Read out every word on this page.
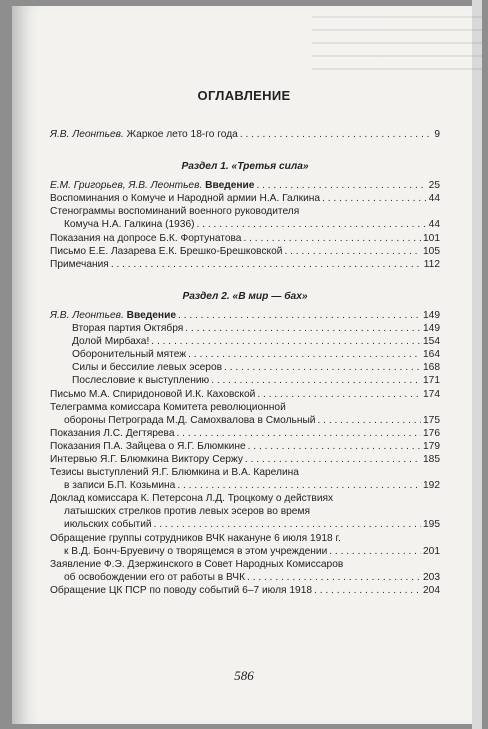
ОГЛАВЛЕНИЕ
Я.В. Леонтьев. Жаркое лето 18-го года . . .	9
Раздел 1. «Третья сила»
Е.М. Григорьев, Я.В. Леонтьев. Введение . . .	25
Воспоминания о Комуче и Народной армии Н.А. Галкина . . .	44
Стенограммы воспоминаний военного руководителя
Комуча Н.А. Галкина (1936) . . .	44
Показания на допросе Б.К. Фортунатова . . .	101
Письмо Е.Е. Лазарева Е.К. Брешко-Брешковской . . .	105
Примечания . . .	112
Раздел 2. «В мир — бах»
Я.В. Леонтьев. Введение . . .	149
Вторая партия Октября . . .	149
Долой Мирбаха! . . .	154
Оборонительный мятеж . . .	164
Силы и бессилие левых эсеров . . .	168
Послесловие к выступлению . . .	171
Письмо М.А. Спиридоновой И.К. Каховской . . .	174
Телеграмма комиссара Комитета революционной
обороны Петрограда М.Д. Самохвалова в Смольный . . .	175
Показания Л.С. Дегтярева . . .	176
Показания П.А. Зайцева о Я.Г. Блюмкине . . .	179
Интервью Я.Г. Блюмкина Виктору Сержу . . .	185
Тезисы выступлений Я.Г. Блюмкина и В.А. Карелина
в записи Б.П. Козьмина . . .	192
Доклад комиссара К. Петерсона Л.Д. Троцкому о действиях
латышских стрелков против левых эсеров во время
июльских событий . . .	195
Обращение группы сотрудников ВЧК накануне 6 июля 1918 г.
к В.Д. Бонч-Бруевичу о творящемся в этом учреждении . . .	201
Заявление Ф.Э. Дзержинского в Совет Народных Комиссаров
об освобождении его от работы в ВЧК . . .	203
Обращение ЦК ПСР по поводу событий 6–7 июля 1918 . . .	204
586
